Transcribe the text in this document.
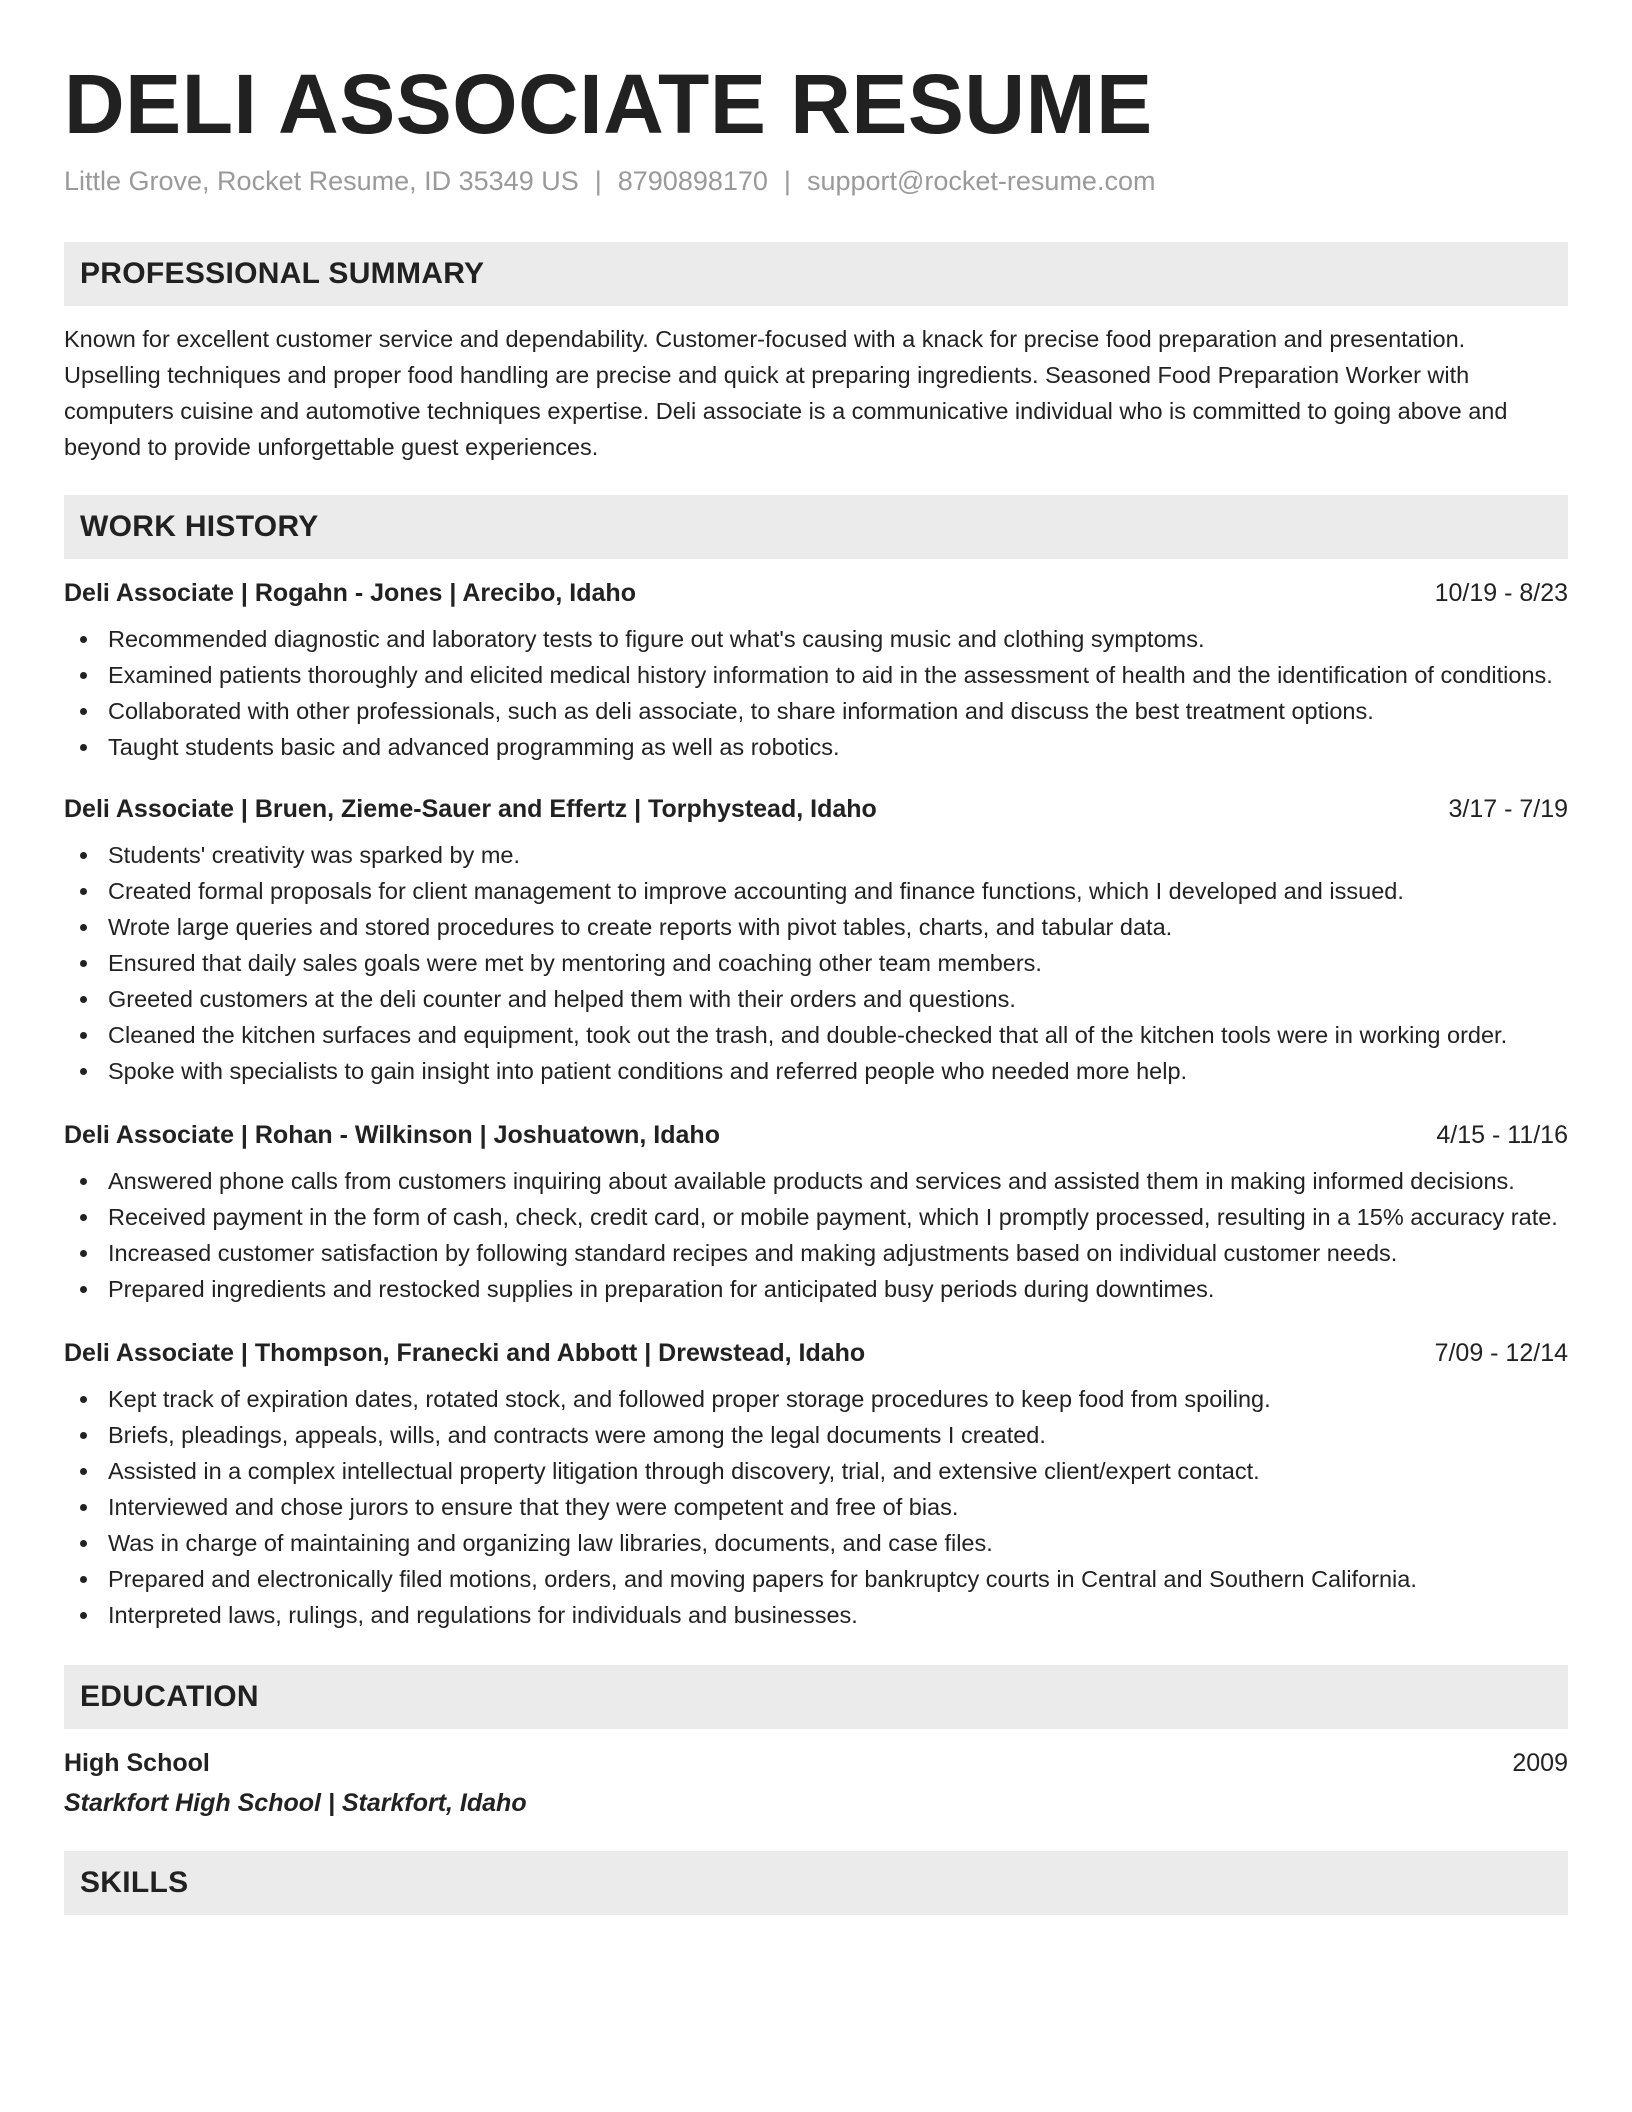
DELI ASSOCIATE RESUME
Little Grove, Rocket Resume, ID 35349 US | 8790898170 | support@rocket-resume.com
PROFESSIONAL SUMMARY

Known for excellent customer service and dependability. Customer-focused with a knack for precise food preparation and presentation. Upselling techniques and proper food handling are precise and quick at preparing ingredients. Seasoned Food Preparation Worker with computers cuisine and automotive techniques expertise. Deli associate is a communicative individual who is committed to going above and beyond to provide unforgettable guest experiences.

WORK HISTORY
Deli Associate | Rogahn - Jones | Arecibo, Idaho	10/19 - 8/23
Recommended diagnostic and laboratory tests to figure out what's causing music and clothing symptoms.
Examined patients thoroughly and elicited medical history information to aid in the assessment of health and the identification of conditions.
Collaborated with other professionals, such as deli associate, to share information and discuss the best treatment options.
Taught students basic and advanced programming as well as robotics.
Deli Associate | Bruen, Zieme-Sauer and Effertz | Torphystead, Idaho	3/17 - 7/19
Students' creativity was sparked by me.
Created formal proposals for client management to improve accounting and finance functions, which I developed and issued.
Wrote large queries and stored procedures to create reports with pivot tables, charts, and tabular data.
Ensured that daily sales goals were met by mentoring and coaching other team members.
Greeted customers at the deli counter and helped them with their orders and questions.
Cleaned the kitchen surfaces and equipment, took out the trash, and double-checked that all of the kitchen tools were in working order.
Spoke with specialists to gain insight into patient conditions and referred people who needed more help.
Deli Associate | Rohan - Wilkinson | Joshuatown, Idaho	4/15 - 11/16
Answered phone calls from customers inquiring about available products and services and assisted them in making informed decisions.
Received payment in the form of cash, check, credit card, or mobile payment, which I promptly processed, resulting in a 15% accuracy rate.
Increased customer satisfaction by following standard recipes and making adjustments based on individual customer needs.
Prepared ingredients and restocked supplies in preparation for anticipated busy periods during downtimes.
Deli Associate | Thompson, Franecki and Abbott | Drewstead, Idaho	7/09 - 12/14
Kept track of expiration dates, rotated stock, and followed proper storage procedures to keep food from spoiling.
Briefs, pleadings, appeals, wills, and contracts were among the legal documents I created.
Assisted in a complex intellectual property litigation through discovery, trial, and extensive client/expert contact.
Interviewed and chose jurors to ensure that they were competent and free of bias.
Was in charge of maintaining and organizing law libraries, documents, and case files.
Prepared and electronically filed motions, orders, and moving papers for bankruptcy courts in Central and Southern California.
Interpreted laws, rulings, and regulations for individuals and businesses.
EDUCATION
High School	2009
Starkfort High School | Starkfort, Idaho
SKILLS
